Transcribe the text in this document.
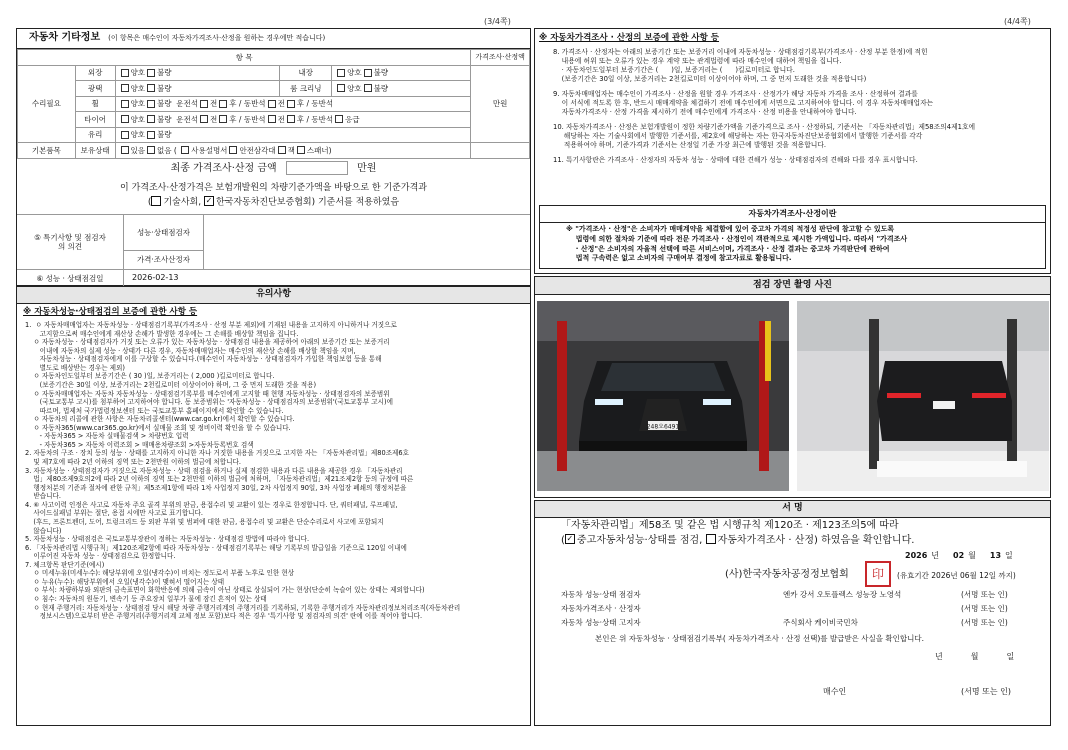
(3/4쪽)	(4/4쪽)
자동차 기타정보 (이 항목은 매수인이 자동차가격조사·산정을 원하는 경우에만 적습니다)
항 목					가격조사·산정액
수리필요	외장	양호 불량	내장	양호 불량	만원
	광택	양호 불량	룸 크리닝	양호 불량	
	휠	양호 불량 운전석 전 후 / 동반석 전 후 / 동반석			
	타이어	양호 불량 운전석 전 후 / 동반석 전 후 / 동반석 응급			
	유리	양호 불량			
기본품목	보유상태	있음 없음 ( 사용설명서 안전삼각대 잭 스패너)			
최종 가격조사·산정 금액	만원
이 가격조사·산정가격은 보험개발원의 차량기준가액을 바탕으로 한 기준가격과
( 기술사회, ✓ 한국자동차진단보증협회) 기준서를 적용하였음
⑤ 특기사항 및 점검자의 의견
성능·상태점검자
가격·조사산정자
⑥ 성능 · 상태점검일	2026-02-13
유의사항
※ 자동차성능·상태점검의 보증에 관한 사항 등
1.  ㅇ 자동차매매업자는 자동차성능 · 상태점검기록부(가격조사 · 산정 부분 제외)에 기재된 내용을 고지하지 아니하거나 거짓으로
고지함으로써 매수인에게 재산상 손해가 발생한 경우에는 그 손해를 배상할 책임을 집니다.
ㅇ 자동차성능 · 상태점검자가 거짓 또는 오류가 있는 자동차성능 · 상태점검 내용을 제공하여 아래의 보증기간 또는 보증거리
이내에 자동차의 실제 성능 · 상태가 다른 경우, 자동차매매업자는 매수인의 재산상 손해를 배상할 책임을 지며,
자동차성능 · 상태점검자에게 이를 구상할 수 있습니다.(매수인이 자동차성능 · 상태점검자가 가입한 책임보험 등을 통해
별도로 배상받는 경우는 제외)
ㅇ 자동차인도일부터 보증기간은 ( 30 )일, 보증거리는 ( 2,000 )킬로미터로 합니다.
(보증기간은 30일 이상, 보증거리는 2천킬로미터 이상이어야 하며, 그 중 먼저 도래한 것을 적용)
ㅇ 자동차매매업자는 자동차 자동차성능 · 상태점검기록부를 매수인에게 고지할 때 현행 자동차성능 · 상태점검자의 보증범위
(국토교통부 고시)를 첨부하여 고지하여야 합니다. 동 보증범위는 '자동차성능 · 상태점검자의 보증범위'(국토교통부 고시)에
따르며, 법제처 국가법령정보센터 또는 국토교통부 홈페이지에서 확인할 수 있습니다.
ㅇ 자동차의 리콜에 관한 사항은 자동차리콜센터(www.car.go.kr)에서 확인할 수 있습니다.
ㅇ 자동차365(www.car365.go.kr)에서 실매물 조회 및 정비이력 확인을 할 수 있습니다.
- 자동차365 > 자동차 실매물검색 > 차량번호 입력
- 자동차365 > 자동차 이력조회 > 매매용차량조회 >자동차등록번호 검색
2. 자동차의 구조 · 장치 등의 성능 · 상태를 고지하지 아니한 자나 거짓한 내용을 거짓으로 고지한 자는 「자동차관리법」제80조제6호
및 제7호에 따라 2년 이하의 징역 또는 2천만원 이하의 벌금에 처합니다.
3. 자동차성능 · 상태점검자가 거짓으로 자동차성능 · 상태 점검을 하거나 실제 점검한 내용과 다른 내용을 제공한 경우 「자동차관리
법」제80조제9호의2에 따라 2년 이하의 징역 또는 2천만원 이하의 벌금에 처하며, 「자동차관리법」제21조제2항 등의 규정에 따른
행정처분의 기준과 절차에 관한 규칙」제5조제1항에 따라 1차 사업정지 30일, 2차 사업정지 90일, 3차 사업장 폐쇄의 행정처분을
받습니다.
4. ⑥ 사고이력 인정은 사고로 자동차 주요 골격 부위의 판금, 용접수리 및 교환이 있는 경우로 한정합니다. 단, 쿼터패널, 루프패널,
사이드실패널 부위는 절단, 용접 시에만 사고로 표기합니다.
(후드, 프론트펜더, 도어, 트렁크리드 등 외판 부위 및 범퍼에 대한 판금, 용접수리 및 교환은 단순수리로서 사고에 포함되지
않습니다)
5. 자동차성능 · 상태점검은 국토교통부장관이 정하는 자동차성능 · 상태점검 방법에 따라야 합니다.
6. 「자동차관리법 시행규칙」제120조제2항에 따라 자동차성능 · 상태점검기록부는 해당 기록부의 발급일을 기준으로 120일 이내에
이루어진 자동차 성능 · 상태점검으로 한정합니다.
7. 체크항목 판단기준(예시)
ㅇ 미세누유(미세누수): 해당부위에 오일(냉각수)이 비치는 정도로서 부품 노후로 인한 현상
ㅇ 누유(누수): 해당부위에서 오일(냉각수)이 맺혀서 떨어지는 상태
ㅇ 부식: 차량하부와 외판의 금속표면이 화학반응에 의해 금속이 아닌 상태로 상실되어 가는 현상(단순히 녹슬어 있는 상태는 제외합니다)
ㅇ 침수: 자동차의 원동기, 변속기 등 주요장치 일부가 물에 잠긴 흔적이 있는 상태
ㅇ 현재 주행거리: 자동차성능 · 상태점검 당시 해당 차량 주행거리계의 주행거리를 기록하되, 기록한 주행거리가 자동차관리정보처리조직(자동차관리
정보시스템)으로부터 받은 주행거리(주행거리계 교체 정보 포함)보다 적은 경우 '특기사항 및 점검자의 의견' 란에 이를 적어야 합니다.
※ 자동차가격조사 · 산정의 보증에 관한 사항 등
8. 가격조사 · 산정자는 아래의 보증기간 또는 보증거리 이내에 자동차성능 · 상태점검기록부(가격조사 · 산정 부분 한정)에 적힌
내용에 허위 또는 오류가 있는 경우 계약 또는 관계법령에 따라 매수인에 대하여 책임을 집니다.
· 자동차인도일부터 보증기간은 (      )일, 보증거리는 (      )킬로미터로 합니다.
(보증기간은 30일 이상, 보증거리는 2천킬로미터 이상이어야 하며, 그 중 먼저 도래한 것을 적용합니다)
9. 자동차매매업자는 매수인이 가격조사 · 산정을 원할 경우 가격조사 · 산정가가 해당 자동차 가격을 조사 · 산정하여 결과를
이 서식에 적도록 한 후, 반드시 매매계약을 체결하기 전에 매수인에게 서면으로 고지하여야 합니다. 이 경우 자동차매매업자는
자동차가격조사 · 산정 가격을 제시하기 전에 매수인에게 가격조사 · 산정 비용을 안내하여야 합니다.
10. 자동차가격조사 · 산정은 보험개발원이 정한 차량기준가액을 기준가격으로 조사 · 산정하되, 기준서는 「자동차관리법」제58조의4제1호에
해당하는 자는 기술사회에서 발행한 기준서를, 제2호에 해당하는 자는 한국자동차진단보증협회에서 발행한 기준서를 각각
적용하여야 하며, 기준가격과 기준서는 산정일 기준 가장 최근에 발행된 것을 적용합니다.
11. 특기사항란은 가격조사 · 산정자의 자동차 성능 · 상태에 대한 견해가 성능 · 상태점검자의 견해와 다를 경우 표시합니다.
자동차가격조사·산정이란
※ "가격조사 · 산정"은 소비자가 매매계약을 체결함에 있어 중고차 가격의 적정성 판단에 참고할 수 있도록
법령에 의한 절차와 기준에 따라 전문 가격조사 · 산정인이 객관적으로 제시한 가액입니다. 따라서 "가격조사
· 산정"은 소비자의 자율적 선택에 따른 서비스이며, 가격조사 · 산정 결과는 중고차 가격판단에 관하여
법적 구속력은 없고 소비자의 구매여부 결정에 참고자료로 활용됩니다.
점검 장면 촬영 사진
248오6491
서 명
「자동차관리법」제58조 및 같은 법 시행규칙 제120조 · 제123조의5에 따라
( ✓ 중고자동차성능·상태를 점검, 자동차가격조사 · 산정) 하였음을 확인합니다.
2026 년 02 월 13 일
(사)한국자동차공정정보협회	印	(유효기간 2026년 06월 12일 까지)
자동차 성능·상태 점검자	엔카 강서 오토플렉스 성능장 노영석	(서명 또는 인)
자동차가격조사 · 산정자	(서명 또는 인)
자동차 성능·상태 고지자	주식회사 케이비국민차	(서명 또는 인)
본인은 위 자동차성능 · 상태점검기록부( 자동차가격조사 · 산정 선택)를 발급받은 사실을 확인합니다.
년	월	일
매수인	(서명 또는 인)
